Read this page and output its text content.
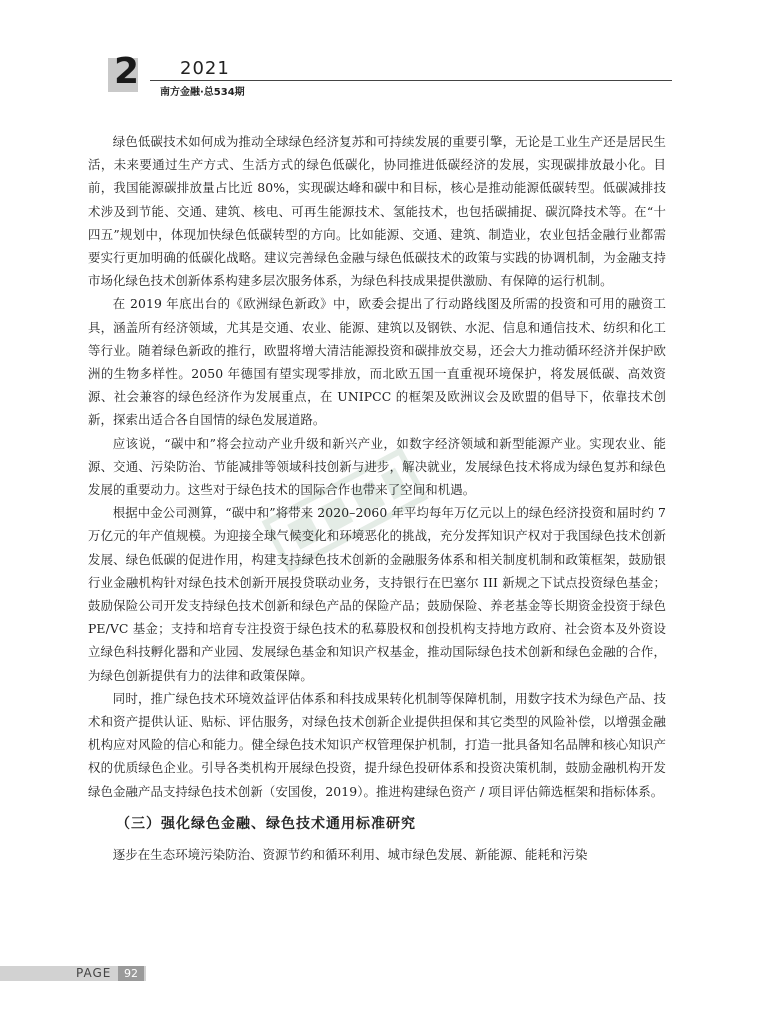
2 2021
南方金融·总534期

绿色低碳技术如何成为推动全球绿色经济复苏和可持续发展的重要引擎，无论是工业生产还是居民生活，未来要通过生产方式、生活方式的绿色低碳化，协同推进低碳经济的发展，实现碳排放最小化。目前，我国能源碳排放量占比近 80%，实现碳达峰和碳中和目标，核心是推动能源低碳转型。低碳减排技术涉及到节能、交通、建筑、核电、可再生能源技术、氢能技术，也包括碳捕捉、碳沉降技术等。在“十四五”规划中，体现加快绿色低碳转型的方向。比如能源、交通、建筑、制造业，农业包括金融行业都需要实行更加明确的低碳化战略。建议完善绿色金融与绿色低碳技术的政策与实践的协调机制，为金融支持市场化绿色技术创新体系构建多层次服务体系，为绿色科技成果提供激励、有保障的运行机制。

在 2019 年底出台的《欧洲绿色新政》中，欧委会提出了行动路线图及所需的投资和可用的融资工具，涵盖所有经济领域，尤其是交通、农业、能源、建筑以及钢铁、水泥、信息和通信技术、纺织和化工等行业。随着绿色新政的推行，欧盟将增大清洁能源投资和碳排放交易，还会大力推动循环经济并保护欧洲的生物多样性。2050 年德国有望实现零排放，而北欧五国一直重视环境保护，将发展低碳、高效资源、社会兼容的绿色经济作为发展重点，在 UNIPCC 的框架及欧洲议会及欧盟的倡导下，依靠技术创新，探索出适合各自国情的绿色发展道路。

应该说，“碳中和”将会拉动产业升级和新兴产业，如数字经济领域和新型能源产业。实现农业、能源、交通、污染防治、节能减排等领域科技创新与进步，解决就业，发展绿色技术将成为绿色复苏和绿色发展的重要动力。这些对于绿色技术的国际合作也带来了空间和机遇。

根据中金公司测算，“碳中和”将带来 2020–2060 年平均每年万亿元以上的绿色经济投资和届时约 7 万亿元的年产值规模。为迎接全球气候变化和环境恶化的挑战，充分发挥知识产权对于我国绿色技术创新发展、绿色低碳的促进作用，构建支持绿色技术创新的金融服务体系和相关制度机制和政策框架，鼓励银行业金融机构针对绿色技术创新开展投贷联动业务，支持银行在巴塞尔 III 新规之下试点投资绿色基金；鼓励保险公司开发支持绿色技术创新和绿色产品的保险产品；鼓励保险、养老基金等长期资金投资于绿色 PE/VC 基金；支持和培育专注投资于绿色技术的私募股权和创投机构支持地方政府、社会资本及外资设立绿色科技孵化器和产业园、发展绿色基金和知识产权基金，推动国际绿色技术创新和绿色金融的合作，为绿色创新提供有力的法律和政策保障。

同时，推广绿色技术环境效益评估体系和科技成果转化机制等保障机制，用数字技术为绿色产品、技术和资产提供认证、贴标、评估服务，对绿色技术创新企业提供担保和其它类型的风险补偿，以增强金融机构应对风险的信心和能力。健全绿色技术知识产权管理保护机制，打造一批具备知名品牌和核心知识产权的优质绿色企业。引导各类机构开展绿色投资，提升绿色投研体系和投资决策机制，鼓励金融机构开发绿色金融产品支持绿色技术创新（安国俊，2019）。推进构建绿色资产 / 项目评估筛选框架和指标体系。

（三）强化绿色金融、绿色技术通用标准研究

逐步在生态环境污染防治、资源节约和循环利用、城市绿色发展、新能源、能耗和污染

PAGE	92
